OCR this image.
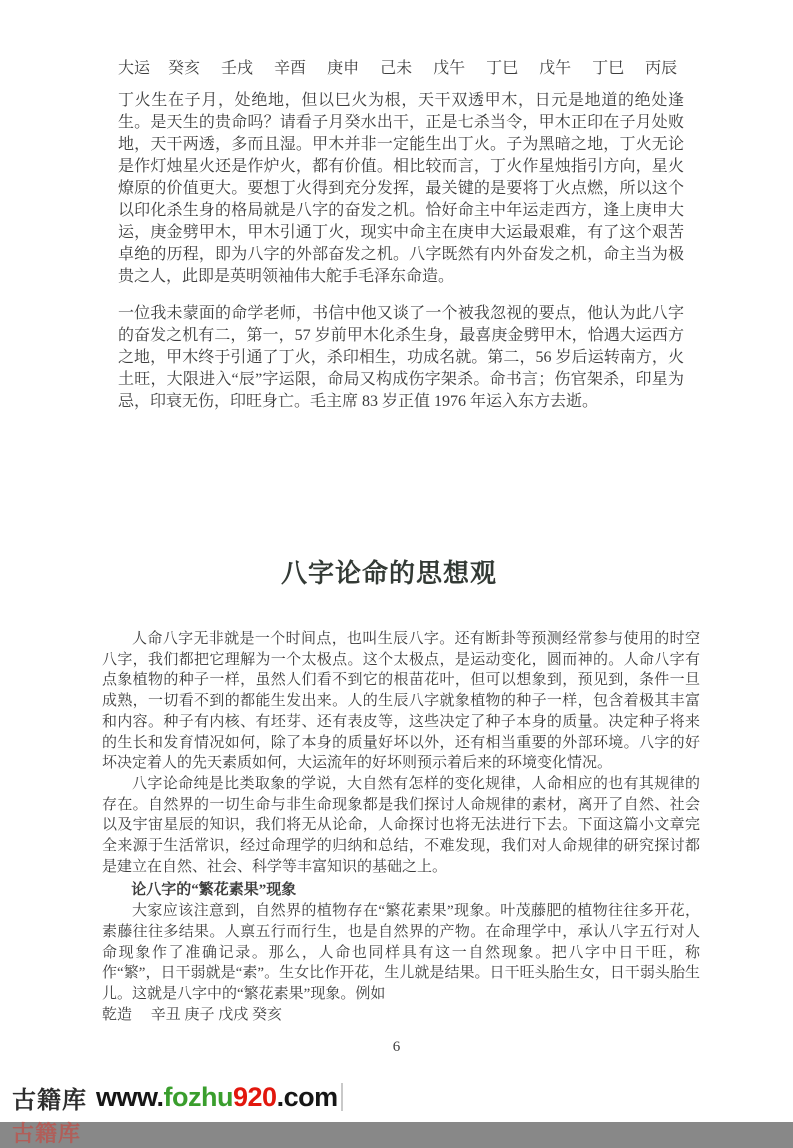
大运 癸亥 壬戌 辛酉 庚申 己未 戊午 丁巳 戊午 丁巳 丙辰

丁火生在子月，处绝地，但以巳火为根，天干双透甲木，日元是地道的绝处逢生。是天生的贵命吗？请看子月癸水出干，正是七杀当令，甲木正印在子月处败地，天干两透，多而且湿。甲木并非一定能生出丁火。子为黑暗之地，丁火无论是作灯烛星火还是作炉火，都有价值。相比较而言，丁火作星烛指引方向，星火燎原的价值更大。要想丁火得到充分发挥，最关键的是要将丁火点燃，所以这个以印化杀生身的格局就是八字的奋发之机。恰好命主中年运走西方，逢上庚申大运，庚金劈甲木，甲木引通丁火，现实中命主在庚申大运最艰难，有了这个艰苦卓绝的历程，即为八字的外部奋发之机。八字既然有内外奋发之机，命主当为极贵之人，此即是英明领袖伟大舵手毛泽东命造。

一位我未蒙面的命学老师，书信中他又谈了一个被我忽视的要点，他认为此八字的奋发之机有二，第一，57 岁前甲木化杀生身，最喜庚金劈甲木，恰遇大运西方之地，甲木终于引通了丁火，杀印相生，功成名就。第二，56 岁后运转南方，火土旺，大限进入“辰”字运限，命局又构成伤字架杀。命书言；伤官架杀，印星为忌，印衰无伤，印旺身亡。毛主席 83 岁正值 1976 年运入东方去逝。

八字论命的思想观

人命八字无非就是一个时间点，也叫生辰八字。还有断卦等预测经常参与使用的时空八字，我们都把它理解为一个太极点。这个太极点，是运动变化，圆而神的。人命八字有点象植物的种子一样，虽然人们看不到它的根苗花叶，但可以想象到，预见到，条件一旦成熟，一切看不到的都能生发出来。人的生辰八字就象植物的种子一样，包含着极其丰富和内容。种子有内核、有坯芽、还有表皮等，这些决定了种子本身的质量。决定种子将来的生长和发育情况如何，除了本身的质量好坏以外，还有相当重要的外部环境。八字的好坏决定着人的先天素质如何，大运流年的好坏则预示着后来的环境变化情况。

八字论命纯是比类取象的学说，大自然有怎样的变化规律，人命相应的也有其规律的存在。自然界的一切生命与非生命现象都是我们探讨人命规律的素材，离开了自然、社会以及宇宙星辰的知识，我们将无从论命，人命探讨也将无法进行下去。下面这篇小文章完全来源于生活常识，经过命理学的归纳和总结，不难发现，我们对人命规律的研究探讨都是建立在自然、社会、科学等丰富知识的基础之上。

论八字的“繁花素果”现象

大家应该注意到，自然界的植物存在“繁花素果”现象。叶茂藤肥的植物往往多开花，素藤往往多结果。人禀五行而行生，也是自然界的产物。在命理学中，承认八字五行对人命现象作了准确记录。那么，人命也同样具有这一自然现象。把八字中日干旺，称作“繁”，日干弱就是“素”。生女比作开花，生儿就是结果。日干旺头胎生女，日干弱头胎生儿。这就是八字中的“繁花素果”现象。例如

乾造　 辛丑 庚子 戊戌 癸亥

6
古籍库 www.fozhu920.com
古籍库
